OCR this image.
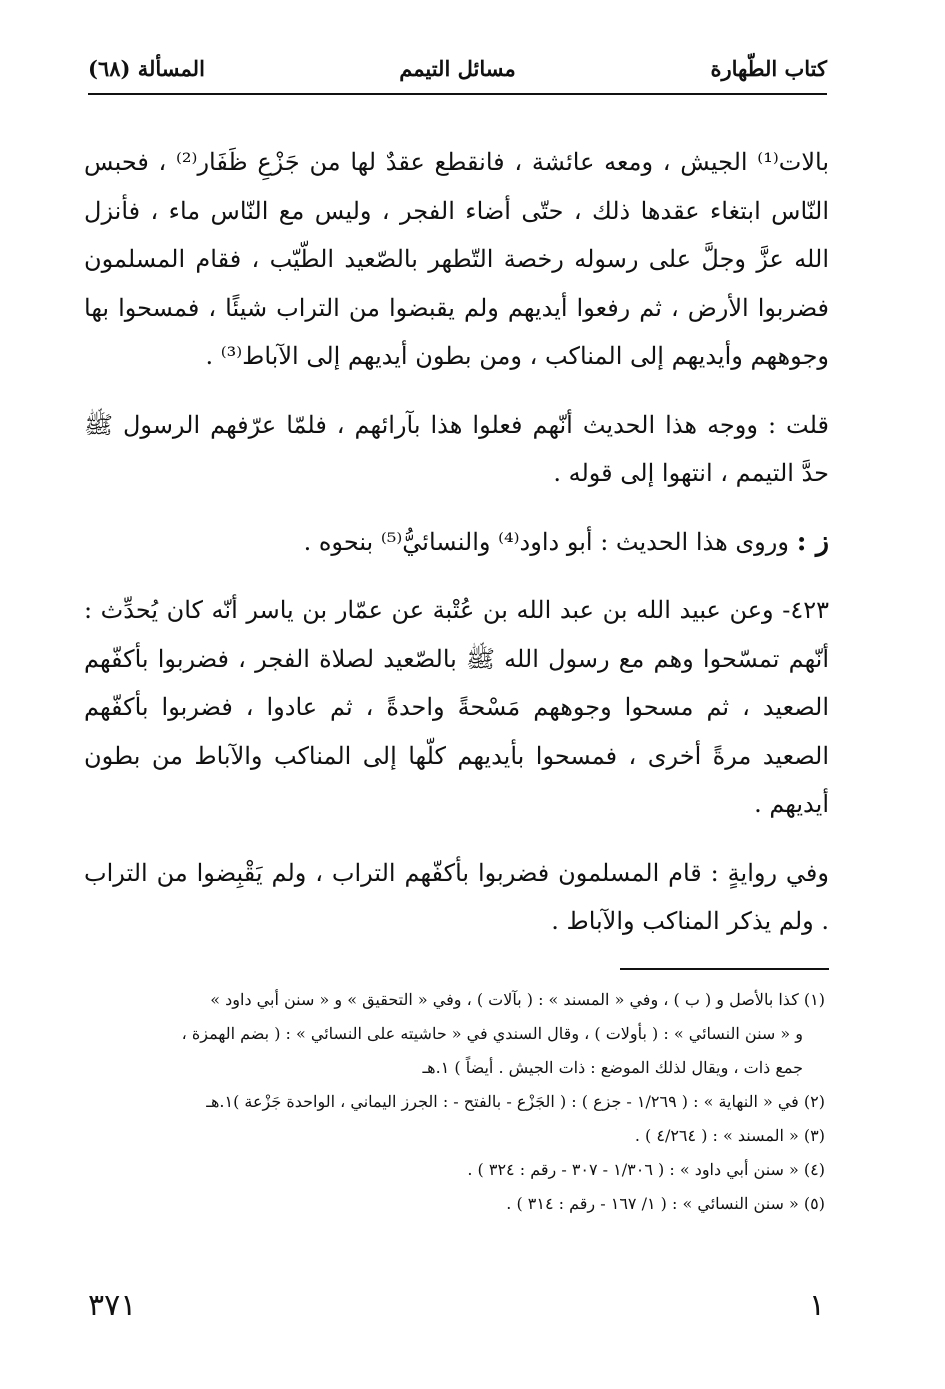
كتاب الطّهارة
مسائل التيمم
المسألة (٦٨)

بالات⁽¹⁾ الجيش ، ومعه عائشة ، فانقطع عقدٌ لها من جَزْعِ ظَفَار⁽²⁾ ، فحبس النّاس ابتغاء عقدها ذلك ، حتّى أضاء الفجر ، وليس مع النّاس ماء ، فأنزل الله عزَّ وجلَّ على رسوله رخصة التّطهر بالصّعيد الطّيّب ، فقام المسلمون فضربوا الأرض ، ثم رفعوا أيديهم ولم يقبضوا من التراب شيئًا ، فمسحوا بها وجوههم وأيديهم إلى المناكب ، ومن بطون أيديهم إلى الآباط⁽³⁾ .

قلت : ووجه هذا الحديث أنّهم فعلوا هذا بآرائهم ، فلمّا عرّفهم الرسول ﷺ حدَّ التيمم ، انتهوا إلى قوله .

ز : وروى هذا الحديث : أبو داود⁽⁴⁾ والنسائيُّ⁽⁵⁾ بنحوه .

٤٢٣- وعن عبيد الله بن عبد الله بن عُتْبة عن عمّار بن ياسر أنّه كان يُحدِّث : أنّهم تمسّحوا وهم مع رسول الله ﷺ بالصّعيد لصلاة الفجر ، فضربوا بأكفّهم الصعيد ، ثم مسحوا وجوههم مَسْحةً واحدةً ، ثم عادوا ، فضربوا بأكفّهم الصعيد مرةً أخرى ، فمسحوا بأيديهم كلّها إلى المناكب والآباط من بطون أيديهم .

وفي روايةٍ : قام المسلمون فضربوا بأكفّهم التراب ، ولم يَقْبِضوا من التراب . ولم يذكر المناكب والآباط .

(١) كذا بالأصل و ( ب ) ، وفي « المسند » : ( بآلات ) ، وفي « التحقيق » و « سنن أبي داود »

و « سنن النسائي » : ( بأولات ) ، وقال السندي في « حاشيته على النسائي » : ( بضم الهمزة ،

جمع ذات ، ويقال لذلك الموضع : ذات الجيش . أيضاً ) ١.هـ

(٢) في « النهاية » : ( ١/٢٦٩ - جزع ) : ( الجَزْع - بالفتح - : الجرز اليماني ، الواحدة جَزْعة )١.هـ

(٣) « المسند » : ( ٤/٢٦٤ ) .

(٤) « سنن أبي داود » : ( ١/٣٠٦ - ٣٠٧ - رقم : ٣٢٤ ) .

(٥) « سنن النسائي » : ( ١/ ١٦٧ - رقم : ٣١٤ ) .

٣٧١	١
